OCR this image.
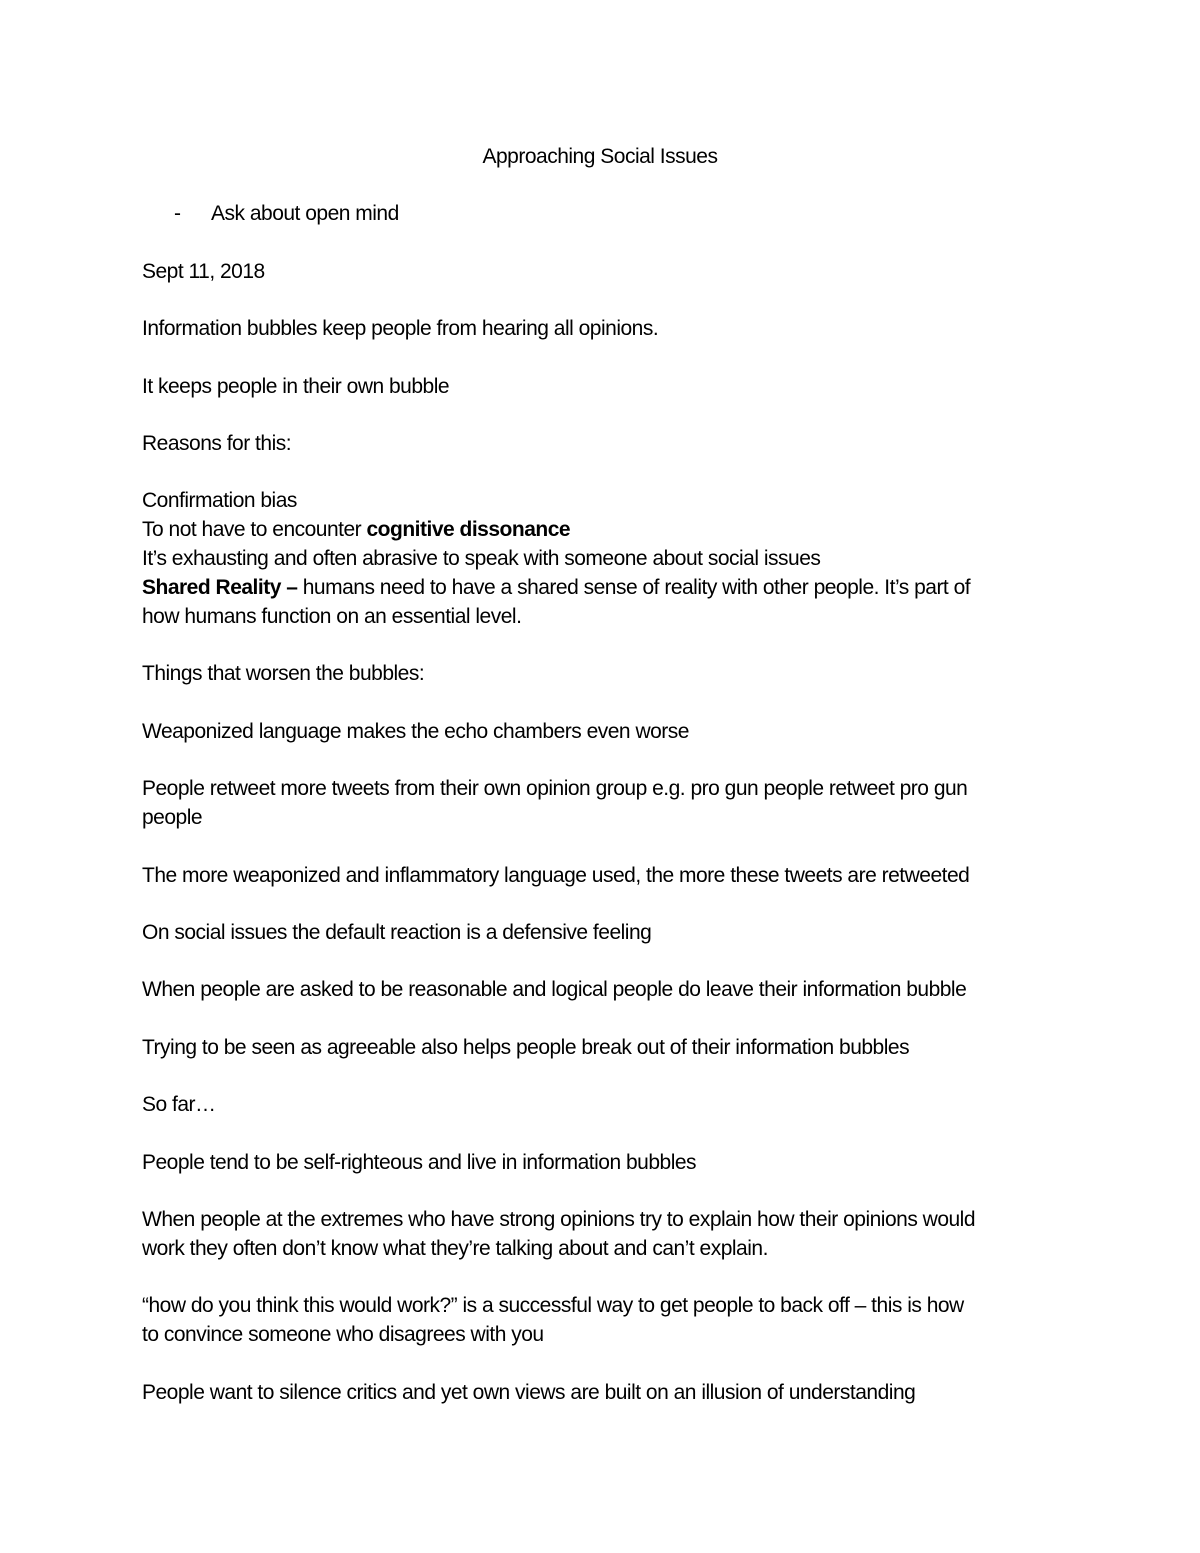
Approaching Social Issues
- Ask about open mind
Sept 11, 2018
Information bubbles keep people from hearing all opinions.
It keeps people in their own bubble
Reasons for this:
Confirmation bias
To not have to encounter cognitive dissonance
It’s exhausting and often abrasive to speak with someone about social issues
Shared Reality – humans need to have a shared sense of reality with other people. It’s part of
how humans function on an essential level.
Things that worsen the bubbles:
Weaponized language makes the echo chambers even worse
People retweet more tweets from their own opinion group e.g. pro gun people retweet pro gun
people
The more weaponized and inflammatory language used, the more these tweets are retweeted
On social issues the default reaction is a defensive feeling
When people are asked to be reasonable and logical people do leave their information bubble
Trying to be seen as agreeable also helps people break out of their information bubbles
So far…
People tend to be self-righteous and live in information bubbles
When people at the extremes who have strong opinions try to explain how their opinions would
work they often don’t know what they’re talking about and can’t explain.
“how do you think this would work?” is a successful way to get people to back off – this is how
to convince someone who disagrees with you
People want to silence critics and yet own views are built on an illusion of understanding
